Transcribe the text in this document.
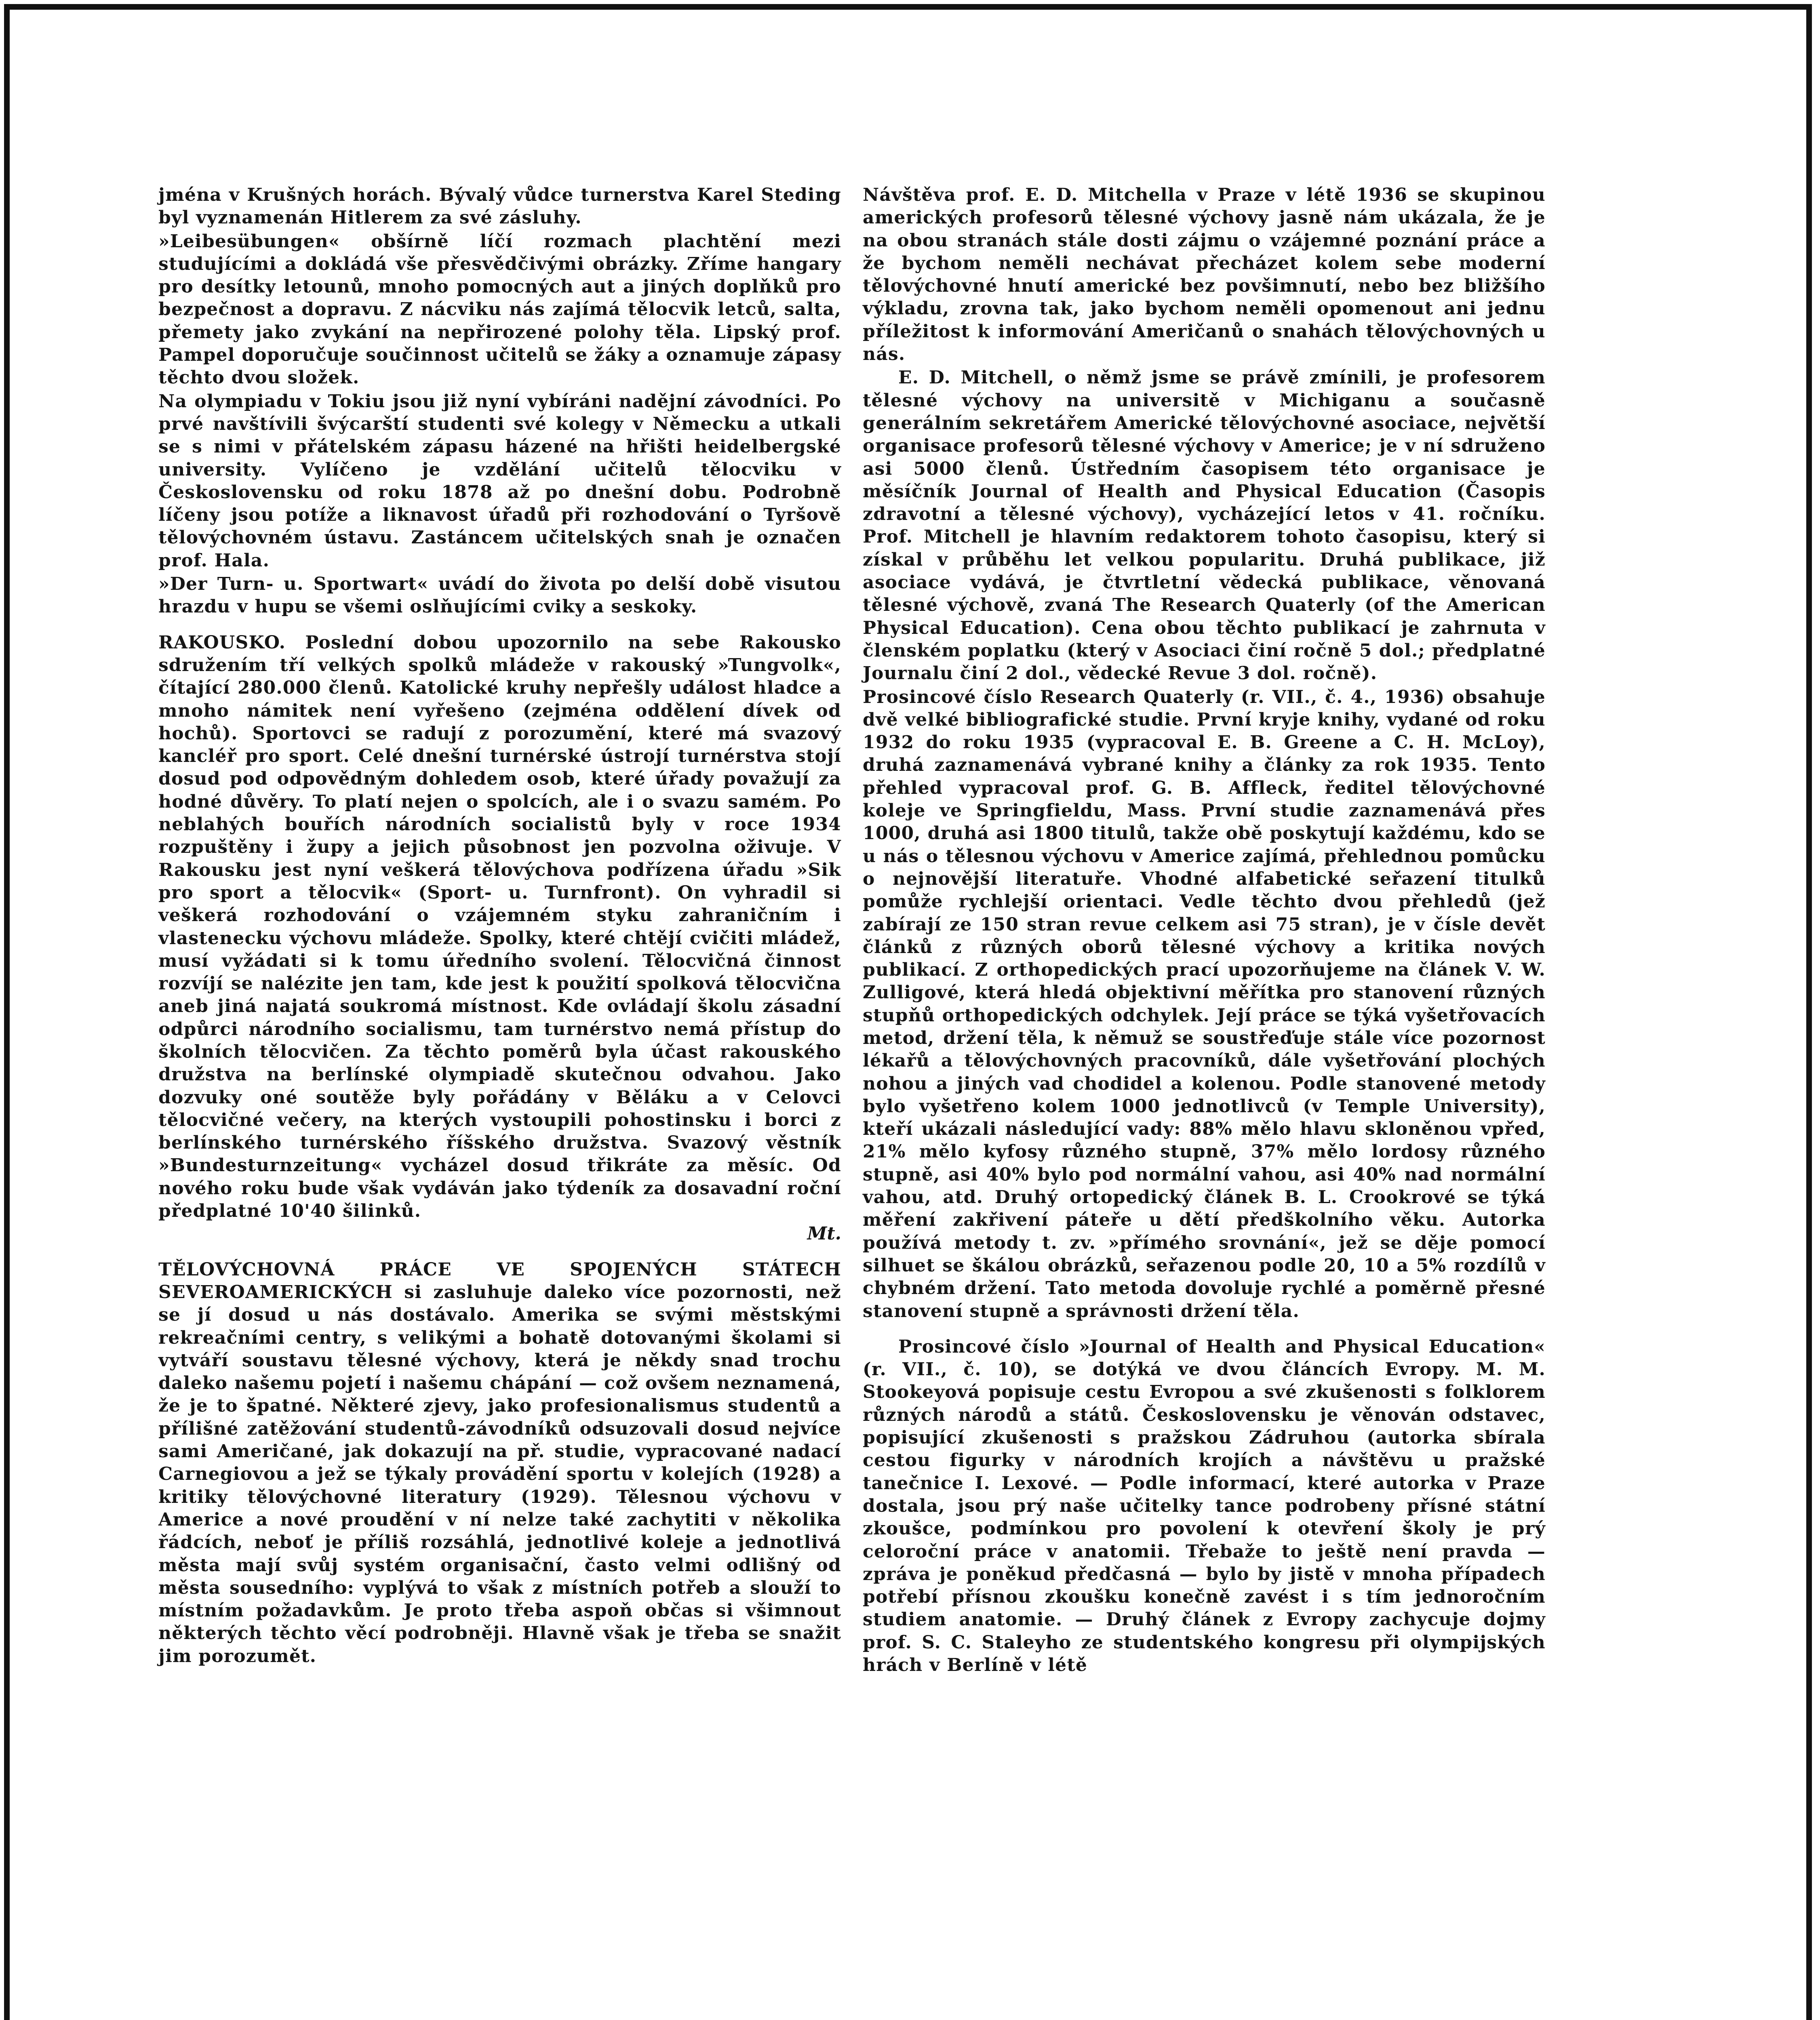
jména v Krušných horách. Bývalý vůdce turnerstva Karel Steding byl vyznamenán Hitlerem za své zásluhy.

»Leibesübungen« obšírně líčí rozmach plachtění mezi studujícími a dokládá vše přesvědčivými obrázky. Zříme hangary pro desítky letounů, mnoho pomocných aut a jiných doplňků pro bezpečnost a dopravu. Z nácviku nás zajímá tělocvik letců, salta, přemety jako zvykání na nepřirozené polohy těla. Lipský prof. Pampel doporučuje součinnost učitelů se žáky a oznamuje zápasy těchto dvou složek.

Na olympiadu v Tokiu jsou již nyní vybíráni nadějní závodníci. Po prvé navštívili švýcarští studenti své kolegy v Německu a utkali se s nimi v přátelském zápasu házené na hřišti heidelbergské university. Vylíčeno je vzdělání učitelů tělocviku v Československu od roku 1878 až po dnešní dobu. Podrobně líčeny jsou potíže a liknavost úřadů při rozhodování o Tyršově tělovýchovném ústavu. Zastáncem učitelských snah je označen prof. Hala.

»Der Turn- u. Sportwart« uvádí do života po delší době visutou hrazdu v hupu se všemi oslňujícími cviky a seskoky.

RAKOUSKO. Poslední dobou upozornilo na sebe Rakousko sdružením tří velkých spolků mládeže v rakouský »Tungvolk«, čítající 280.000 členů. Katolické kruhy nepřešly událost hladce a mnoho námitek není vyřešeno (zejména oddělení dívek od hochů). Sportovci se radují z porozumění, které má svazový kancléř pro sport. Celé dnešní turnérské ústrojí turnérstva stojí dosud pod odpovědným dohledem osob, které úřady považují za hodné důvěry. To platí nejen o spolcích, ale i o svazu samém. Po neblahých bouřích národních socialistů byly v roce 1934 rozpuštěny i župy a jejich působnost jen pozvolna oživuje. V Rakousku jest nyní veškerá tělovýchova podřízena úřadu »Sik pro sport a tělocvik« (Sport- u. Turnfront). On vyhradil si veškerá rozhodování o vzájemném styku zahraničním i vlastenecku výchovu mládeže. Spolky, které chtějí cvičiti mládež, musí vyžádati si k tomu úředního svolení. Tělocvičná činnost rozvíjí se nalézite jen tam, kde jest k použití spolková tělocvična aneb jiná najatá soukromá místnost. Kde ovládají školu zásadní odpůrci národního socialismu, tam turnérstvo nemá přístup do školních tělocvičen. Za těchto poměrů byla účast rakouského družstva na berlínské olympiadě skutečnou odvahou. Jako dozvuky oné soutěže byly pořádány v Běláku a v Celovci tělocvičné večery, na kterých vystoupili pohostinsku i borci z berlínského turnérského říšského družstva. Svazový věstník »Bundesturnzeitung« vycházel dosud třikráte za měsíc. Od nového roku bude však vydáván jako týdeník za dosavadní roční předplatné 10'40 šilinků.

Mt.

TĚLOVÝCHOVNÁ PRÁCE VE SPOJENÝCH STÁTECH SEVEROAMERICKÝCH si zasluhuje daleko více pozornosti, než se jí dosud u nás dostávalo. Amerika se svými městskými rekreačními centry, s velikými a bohatě dotovanými školami si vytváří soustavu tělesné výchovy, která je někdy snad trochu daleko našemu pojetí i našemu chápání — což ovšem neznamená, že je to špatné. Některé zjevy, jako profesionalismus studentů a přílišné zatěžování studentů-závodníků odsuzovali dosud nejvíce sami Američané, jak dokazují na př. studie, vypracované nadací Carnegiovou a jež se týkaly provádění sportu v kolejích (1928) a kritiky tělovýchovné literatury (1929). Tělesnou výchovu v Americe a nové proudění v ní nelze také zachytiti v několika řádcích, neboť je příliš rozsáhlá, jednotlivé koleje a jednotlivá města mají svůj systém organisační, často velmi odlišný od města sousedního: vyplývá to však z místních potřeb a slouží to místním požadavkům. Je proto třeba aspoň občas si všimnout některých těchto věcí podrobněji. Hlavně však je třeba se snažit jim porozumět.

Návštěva prof. E. D. Mitchella v Praze v létě 1936 se skupinou amerických profesorů tělesné výchovy jasně nám ukázala, že je na obou stranách stále dosti zájmu o vzájemné poznání práce a že bychom neměli nechávat přecházet kolem sebe moderní tělovýchovné hnutí americké bez povšimnutí, nebo bez bližšího výkladu, zrovna tak, jako bychom neměli opomenout ani jednu příležitost k informování Američanů o snahách tělovýchovných u nás.

E. D. Mitchell, o němž jsme se právě zmínili, je profesorem tělesné výchovy na universitě v Michiganu a současně generálním sekretářem Americké tělovýchovné asociace, největší organisace profesorů tělesné výchovy v Americe; je v ní sdruženo asi 5000 členů. Ústředním časopisem této organisace je měsíčník Journal of Health and Physical Education (Časopis zdravotní a tělesné výchovy), vycházející letos v 41. ročníku. Prof. Mitchell je hlavním redaktorem tohoto časopisu, který si získal v průběhu let velkou popularitu. Druhá publikace, již asociace vydává, je čtvrtletní vědecká publikace, věnovaná tělesné výchově, zvaná The Research Quaterly (of the American Physical Education). Cena obou těchto publikací je zahrnuta v členském poplatku (který v Asociaci činí ročně 5 dol.; předplatné Journalu činí 2 dol., vědecké Revue 3 dol. ročně).

Prosincové číslo Research Quaterly (r. VII., č. 4., 1936) obsahuje dvě velké bibliografické studie. První kryje knihy, vydané od roku 1932 do roku 1935 (vypracoval E. B. Greene a C. H. McLoy), druhá zaznamenává vybrané knihy a články za rok 1935. Tento přehled vypracoval prof. G. B. Affleck, ředitel tělovýchovné koleje ve Springfieldu, Mass. První studie zaznamenává přes 1000, druhá asi 1800 titulů, takže obě poskytují každému, kdo se u nás o tělesnou výchovu v Americe zajímá, přehlednou pomůcku o nejnovější literatuře. Vhodné alfabetické seřazení titulků pomůže rychlejší orientaci. Vedle těchto dvou přehledů (jež zabírají ze 150 stran revue celkem asi 75 stran), je v čísle devět článků z různých oborů tělesné výchovy a kritika nových publikací. Z orthopedických prací upozorňujeme na článek V. W. Zulligové, která hledá objektivní měřítka pro stanovení různých stupňů orthopedických odchylek. Její práce se týká vyšetřovacích metod, držení těla, k němuž se soustřeďuje stále více pozornost lékařů a tělovýchovných pracovníků, dále vyšetřování plochých nohou a jiných vad chodidel a kolenou. Podle stanovené metody bylo vyšetřeno kolem 1000 jednotlivců (v Temple University), kteří ukázali následující vady: 88% mělo hlavu skloněnou vpřed, 21% mělo kyfosy různého stupně, 37% mělo lordosy různého stupně, asi 40% bylo pod normální vahou, asi 40% nad normální vahou, atd. Druhý ortopedický článek B. L. Crookrové se týká měření zakřivení páteře u dětí předškolního věku. Autorka používá metody t. zv. »přímého srovnání«, jež se děje pomocí silhuet se škálou obrázků, seřazenou podle 20, 10 a 5% rozdílů v chybném držení. Tato metoda dovoluje rychlé a poměrně přesné stanovení stupně a správnosti držení těla.

Prosincové číslo »Journal of Health and Physical Education« (r. VII., č. 10), se dotýká ve dvou článcích Evropy. M. M. Stookeyová popisuje cestu Evropou a své zkušenosti s folklorem různých národů a států. Československu je věnován odstavec, popisující zkušenosti s pražskou Zádruhou (autorka sbírala cestou figurky v národních krojích a návštěvu u pražské tanečnice I. Lexové. — Podle informací, které autorka v Praze dostala, jsou prý naše učitelky tance podrobeny přísné státní zkoušce, podmínkou pro povolení k otevření školy je prý celoroční práce v anatomii. Třebaže to ještě není pravda — zpráva je poněkud předčasná — bylo by jistě v mnoha případech potřebí přísnou zkoušku konečně zavést i s tím jednoročním studiem anatomie. — Druhý článek z Evropy zachycuje dojmy prof. S. C. Staleyho ze studentského kongresu při olympijských hrách v Berlíně v létě
